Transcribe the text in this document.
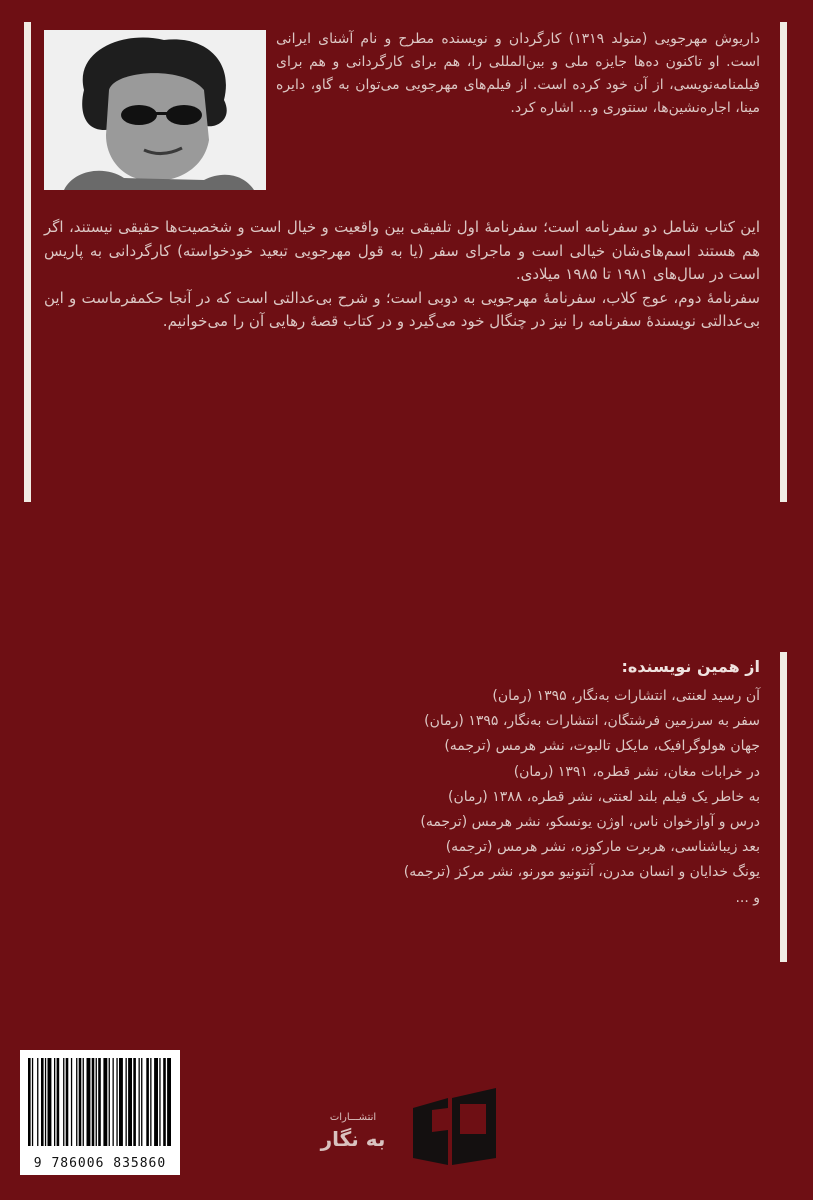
داریوش مهرجویی (متولد ۱۳۱۹) کارگردان و نویسنده مطرح و نام آشنای ایرانی است. او تاکنون ده‌ها جایزه ملی و بین‌المللی را، هم برای کارگردانی و هم برای فیلمنامه‌نویسی، از آن خود کرده است. از فیلم‌های مهرجویی می‌توان به گاو، دایره مینا، اجاره‌نشین‌ها، سنتوری و... اشاره کرد.

این کتاب شامل دو سفرنامه است؛ سفرنامهٔ اول تلفیقی بین واقعیت و خیال است و شخصیت‌ها حقیقی نیستند، اگر هم هستند اسم‌های‌شان خیالی است و ماجرای سفر (یا به قول مهرجویی تبعید خودخواسته) کارگردانی به پاریس است در سال‌های ۱۹۸۱ تا ۱۹۸۵ میلادی.

سفرنامهٔ دوم، عوج کلاب، سفرنامهٔ مهرجویی به دوبی است؛ و شرح بی‌عدالتی است که در آنجا حکمفرماست و این بی‌عدالتی نویسندهٔ سفرنامه را نیز در چنگال خود می‌گیرد و در کتاب قصهٔ رهایی آن را می‌خوانیم.

از همین نویسنده:
آن رسید لعنتی، انتشارات به‌نگار، ۱۳۹۵ (رمان)
سفر به سرزمین فرشتگان، انتشارات به‌نگار، ۱۳۹۵ (رمان)
جهان هولوگرافیک، مایکل تالبوت، نشر هرمس (ترجمه)
در خرابات مغان، نشر قطره، ۱۳۹۱ (رمان)
به خاطر یک فیلم بلند لعنتی، نشر قطره، ۱۳۸۸ (رمان)
درس و آوازخوان ناس، اوژن یونسکو، نشر هرمس (ترجمه)
بعد زیباشناسی، هربرت مارکوزه، نشر هرمس (ترجمه)
یونگ خدایان و انسان مدرن، آنتونیو مورنو، نشر مرکز (ترجمه)
و ...
9 786006 835860
انتشـــارات
به نگار
